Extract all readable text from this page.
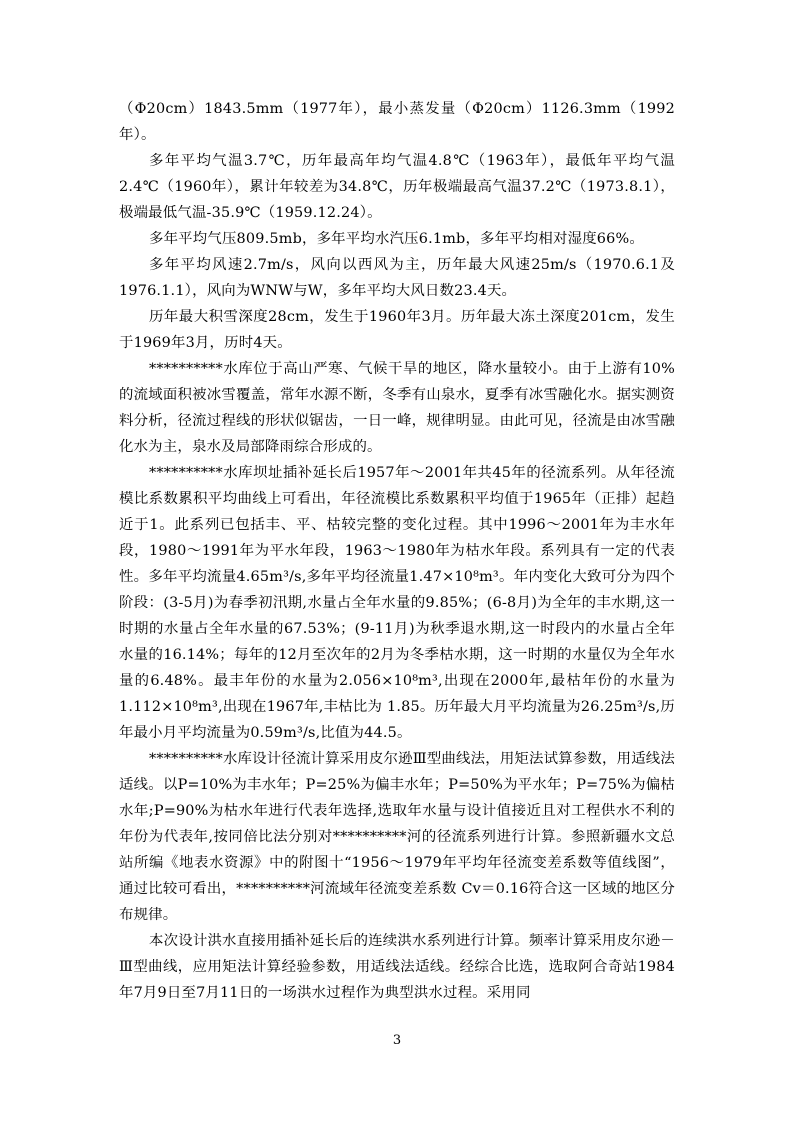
（Φ20cm）1843.5mm（1977年），最小蒸发量（Φ20cm）1126.3mm（1992年）。

多年平均气温3.7℃，历年最高年均气温4.8℃（1963年），最低年平均气温2.4℃（1960年），累计年较差为34.8℃，历年极端最高气温37.2℃（1973.8.1），极端最低气温-35.9℃（1959.12.24）。

多年平均气压809.5mb，多年平均水汽压6.1mb，多年平均相对湿度66%。

多年平均风速2.7m/s，风向以西风为主，历年最大风速25m/s（1970.6.1及1976.1.1），风向为WNW与W，多年平均大风日数23.4天。

历年最大积雪深度28cm，发生于1960年3月。历年最大冻土深度201cm，发生于1969年3月，历时4天。

**********水库位于高山严寒、气候干旱的地区，降水量较小。由于上游有10%的流域面积被冰雪覆盖，常年水源不断，冬季有山泉水，夏季有冰雪融化水。据实测资料分析，径流过程线的形状似锯齿，一日一峰，规律明显。由此可见，径流是由冰雪融化水为主，泉水及局部降雨综合形成的。

**********水库坝址插补延长后1957年～2001年共45年的径流系列。从年径流模比系数累积平均曲线上可看出，年径流模比系数累积平均值于1965年（正排）起趋近于1。此系列已包括丰、平、枯较完整的变化过程。其中1996～2001年为丰水年段，1980～1991年为平水年段，1963～1980年为枯水年段。系列具有一定的代表性。多年平均流量4.65m³/s,多年平均径流量1.47×10⁸m³。年内变化大致可分为四个阶段：(3-5月)为春季初汛期,水量占全年水量的9.85%；(6-8月)为全年的丰水期,这一时期的水量占全年水量的67.53%；(9-11月)为秋季退水期,这一时段内的水量占全年水量的16.14%；每年的12月至次年的2月为冬季枯水期，这一时期的水量仅为全年水量的6.48%。最丰年份的水量为2.056×10⁸m³,出现在2000年,最枯年份的水量为1.112×10⁸m³,出现在1967年,丰枯比为 1.85。历年最大月平均流量为26.25m³/s,历年最小月平均流量为0.59m³/s,比值为44.5。

**********水库设计径流计算采用皮尔逊Ⅲ型曲线法，用矩法试算参数，用适线法适线。以P=10%为丰水年；P=25%为偏丰水年；P=50%为平水年；P=75%为偏枯水年;P=90%为枯水年进行代表年选择,选取年水量与设计值接近且对工程供水不利的年份为代表年,按同倍比法分别对**********河的径流系列进行计算。参照新疆水文总站所编《地表水资源》中的附图十“1956～1979年平均年径流变差系数等值线图”，通过比较可看出，**********河流域年径流变差系数 Cv＝0.16符合这一区域的地区分布规律。

本次设计洪水直接用插补延长后的连续洪水系列进行计算。频率计算采用皮尔逊－Ⅲ型曲线，应用矩法计算经验参数，用适线法适线。经综合比选，选取阿合奇站1984年7月9日至7月11日的一场洪水过程作为典型洪水过程。采用同

3
